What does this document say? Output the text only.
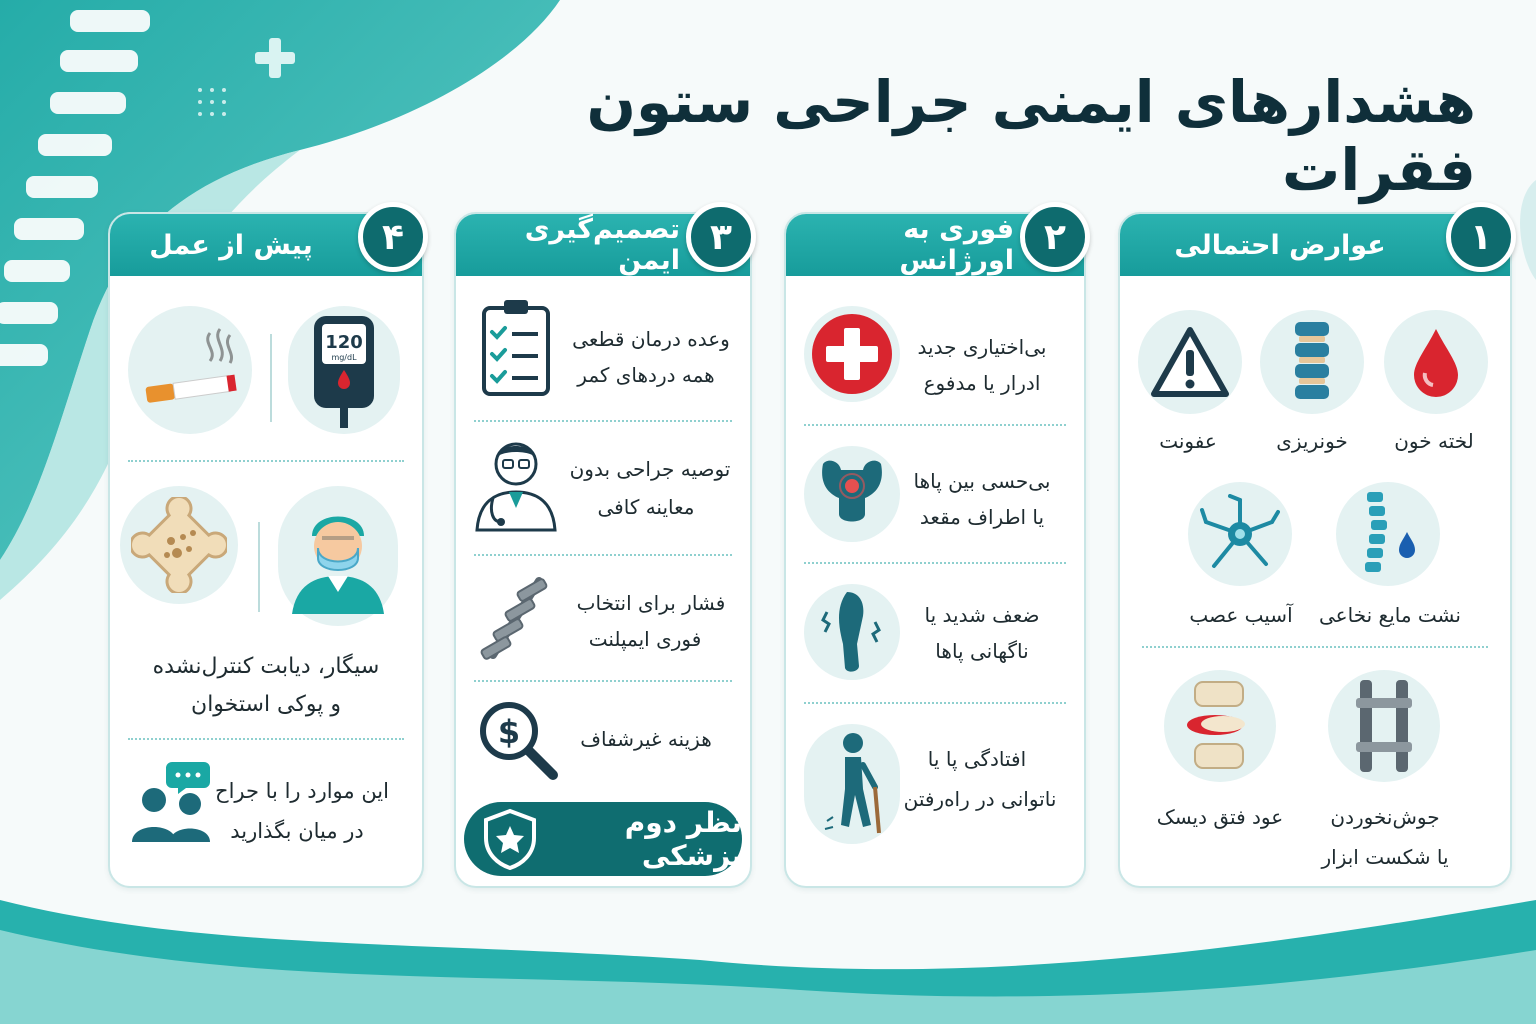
هشدارهای ایمنی جراحی ستون فقرات
عوارض احتمالی	۱
لخته خون
خونریزی
عفونت
نشت مایع نخاعی
آسیب عصب
جوش‌نخوردن
یا شکست ابزار
عود فتق دیسک
فوری به اورژانس
۲
بی‌اختیاری جدید
ادرار یا مدفوع
بی‌حسی بین پاها
یا اطراف مقعد
ضعف شدید یا
ناگهانی پاها
افتادگی پا یا
ناتوانی در راه‌رفتن
تصمیم‌گیری ایمن
۳
وعده درمان قطعی
همه دردهای کمر
توصیه جراحی بدون
معاینه کافی
فشار برای انتخاب
فوری ایمپلنت
$	هزینه غیرشفاف
نظر دوم پزشکی
پیش از عمل	۴
120
mg/dL
سیگار، دیابت کنترل‌نشده
و پوکی استخوان
این موارد را با جراح
در میان بگذارید
